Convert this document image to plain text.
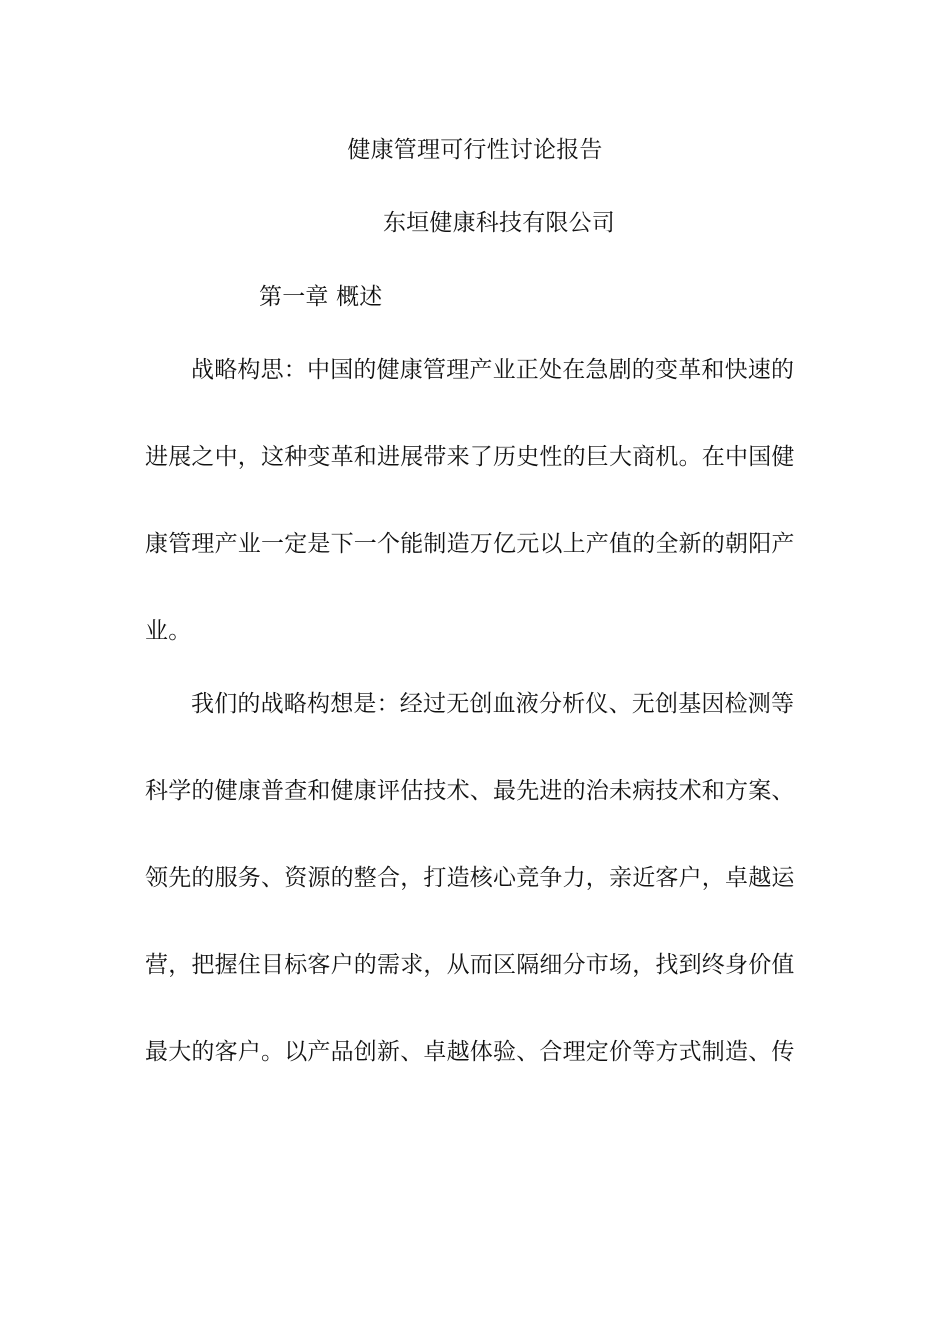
健康管理可行性讨论报告
东垣健康科技有限公司
第一章 概述
战略构思：中国的健康管理产业正处在急剧的变革和快速的
进展之中，这种变革和进展带来了历史性的巨大商机。在中国健
康管理产业一定是下一个能制造万亿元以上产值的全新的朝阳产
业。
我们的战略构想是：经过无创血液分析仪、无创基因检测等
科学的健康普查和健康评估技术、最先进的治未病技术和方案、
领先的服务、资源的整合，打造核心竞争力，亲近客户，卓越运
营，把握住目标客户的需求，从而区隔细分市场，找到终身价值
最大的客户。以产品创新、卓越体验、合理定价等方式制造、传
